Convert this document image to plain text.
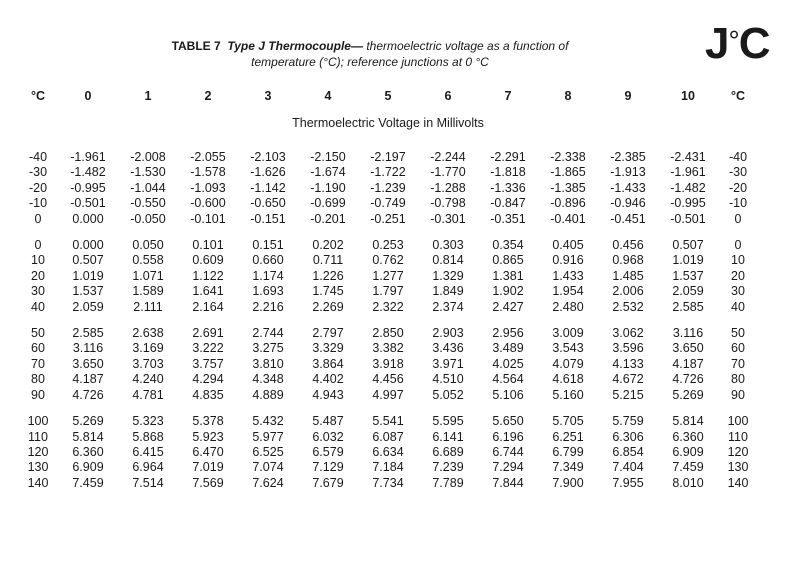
TABLE 7 Type J Thermocouple— thermoelectric voltage as a function of
temperature (°C); reference junctions at 0 °C	J°C
°C	0	1	2	3	4	5	6	7	8	9	10	°C
Thermoelectric Voltage in Millivolts												

-40	-1.961	-2.008	-2.055	-2.103	-2.150	-2.197	-2.244	-2.291	-2.338	-2.385	-2.431	-40
-30	-1.482	-1.530	-1.578	-1.626	-1.674	-1.722	-1.770	-1.818	-1.865	-1.913	-1.961	-30
-20	-0.995	-1.044	-1.093	-1.142	-1.190	-1.239	-1.288	-1.336	-1.385	-1.433	-1.482	-20
-10	-0.501	-0.550	-0.600	-0.650	-0.699	-0.749	-0.798	-0.847	-0.896	-0.946	-0.995	-10
0	0.000	-0.050	-0.101	-0.151	-0.201	-0.251	-0.301	-0.351	-0.401	-0.451	-0.501	0

0	0.000	0.050	0.101	0.151	0.202	0.253	0.303	0.354	0.405	0.456	0.507	0
10	0.507	0.558	0.609	0.660	0.711	0.762	0.814	0.865	0.916	0.968	1.019	10
20	1.019	1.071	1.122	1.174	1.226	1.277	1.329	1.381	1.433	1.485	1.537	20
30	1.537	1.589	1.641	1.693	1.745	1.797	1.849	1.902	1.954	2.006	2.059	30
40	2.059	2.111	2.164	2.216	2.269	2.322	2.374	2.427	2.480	2.532	2.585	40

50	2.585	2.638	2.691	2.744	2.797	2.850	2.903	2.956	3.009	3.062	3.116	50
60	3.116	3.169	3.222	3.275	3.329	3.382	3.436	3.489	3.543	3.596	3.650	60
70	3.650	3.703	3.757	3.810	3.864	3.918	3.971	4.025	4.079	4.133	4.187	70
80	4.187	4.240	4.294	4.348	4.402	4.456	4.510	4.564	4.618	4.672	4.726	80
90	4.726	4.781	4.835	4.889	4.943	4.997	5.052	5.106	5.160	5.215	5.269	90

100	5.269	5.323	5.378	5.432	5.487	5.541	5.595	5.650	5.705	5.759	5.814	100
110	5.814	5.868	5.923	5.977	6.032	6.087	6.141	6.196	6.251	6.306	6.360	110
120	6.360	6.415	6.470	6.525	6.579	6.634	6.689	6.744	6.799	6.854	6.909	120
130	6.909	6.964	7.019	7.074	7.129	7.184	7.239	7.294	7.349	7.404	7.459	130
140	7.459	7.514	7.569	7.624	7.679	7.734	7.789	7.844	7.900	7.955	8.010	140
